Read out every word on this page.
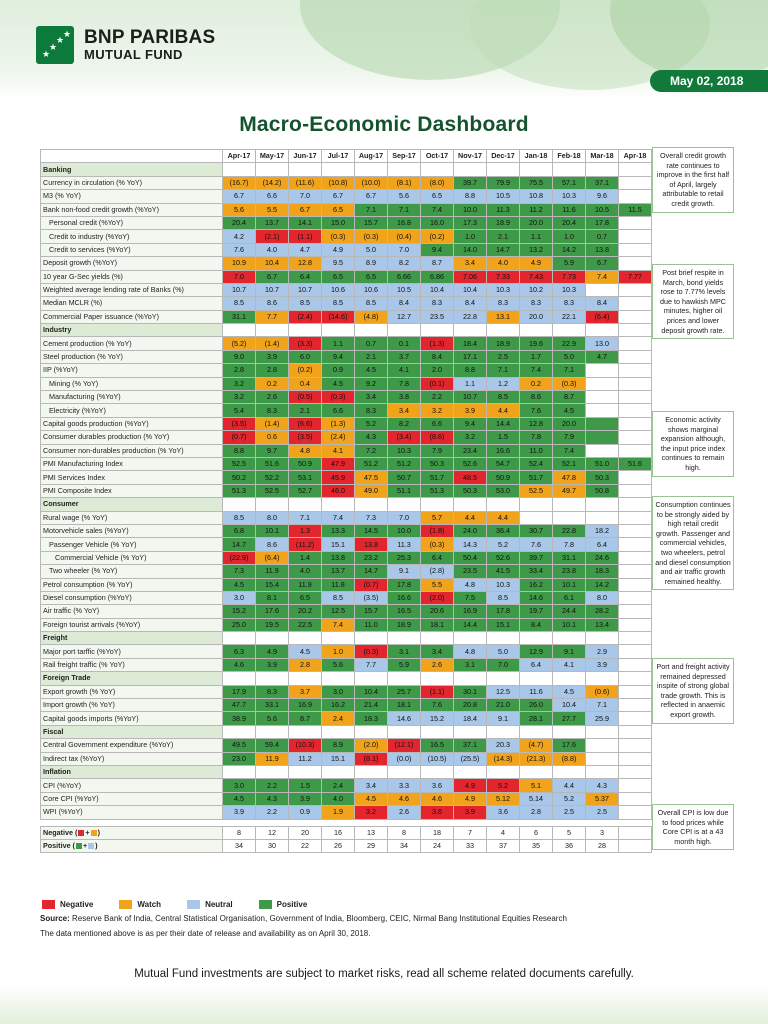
★
★
★
★ BNP PARIBAS
MUTUAL FUND
May 02, 2018
Macro-Economic Dashboard
	Apr-17	May-17	Jun-17	Jul-17	Aug-17	Sep-17	Oct-17	Nov-17	Dec-17	Jan-18	Feb-18	Mar-18	Apr-18
Banking													
Currency in circulation (% YoY)	(16.7)	(14.2)	(11.6)	(10.8)	(10.0)	(8.1)	(8.0)	39.7	79.9	75.5	57.1	37.1	
M3 (% YoY)	6.7	6.6	7.0	6.7	6.7	5.6	6.5	8.8	10.5	10.8	10.3	9.6	
Bank non-food credit growth (%YoY)	5.6	5.5	6.7	6.5	7.1	7.1	7.4	10.0	11.3	11.2	11.6	10.5	11.5
Personal credit (%YoY)	20.4	13.7	14.1	15.0	15.7	16.8	16.0	17.3	18.9	20.0	20.4	17.8	
Credit to industry (%YoY)	4.2	(2.1)	(1.1)	(0.3)	(0.3)	(0.4)	(0.2)	1.0	2.1	1.1	1.0	0.7	
Credit to services (%YoY)	7.6	4.0	4.7	4.9	5.0	7.0	9.4	14.0	14.7	13.2	14.2	13.8	
Deposit growth (%YoY)	10.9	10.4	12.8	9.5	8.9	8.2	8.7	3.4	4.0	4.9	5.9	6.7	
10 year G-Sec yields (%)	7.0	6.7	6.4	6.5	6.5	6.66	6.86	7.06	7.33	7.43	7.73	7.4	7.77
Weighted average lending rate of Banks (%)	10.7	10.7	10.7	10.6	10.6	10.5	10.4	10.4	10.3	10.2	10.3		
Median MCLR (%)	8.5	8.6	8.5	8.5	8.5	8.4	8.3	8.4	8.3	8.3	8.3	8.4	
Commercial Paper issuance (%YoY)	31.1	7.7	(2.4)	(14.6)	(4.8)	12.7	23.5	22.8	13.1	20.0	22.1	(6.4)	
Industry													
Cement production (% YoY)	(5.2)	(1.4)	(3.3)	1.1	0.7	0.1	(1.3)	18.4	18.9	19.6	22.9	13.0	
Steel production (% YoY)	9.0	3.9	6.0	9.4	2.1	3.7	8.4	17.1	2.5	1.7	5.0	4.7	
IIP (%YoY)	2.8	2.8	(0.2)	0.9	4.5	4.1	2.0	8.8	7.1	7.4	7.1		
Mining (% YoY)	3.2	0.2	0.4	4.5	9.2	7.8	(0.1)	1.1	1.2	0.2	(0.3)		
Manufacturing (%YoY)	3.2	2.6	(0.5)	(0.3)	3.4	3.8	2.2	10.7	8.5	8.6	8.7		
Electricity (%YoY)	5.4	8.3	2.1	6.6	8.3	3.4	3.2	3.9	4.4	7.6	4.5		
Capital goods production (%YoY)	(3.5)	(1.4)	(6.6)	(1.3)	5.2	8.2	6.6	9.4	14.4	12.8	20.0		
Consumer durables production (% YoY)	(0.7)	0.6	(3.5)	(2.4)	4.3	(3.4)	(8.6)	3.2	1.5	7.8	7.9		
Consumer non-durables production (% YoY)	8.8	9.7	4.8	4.1	7.2	10.3	7.9	23.4	16.6	11.0	7.4		
PMI Manufacturing Index	52.5	51.6	50.9	47.9	51.2	51.2	50.3	52.6	54.7	52.4	52.1	51.0	51.6
PMI Services Index	50.2	52.2	53.1	45.9	47.5	50.7	51.7	48.5	50.9	51.7	47.8	50.3	
PMI Composite Index	51.3	52.5	52.7	46.0	49.0	51.1	51.3	50.3	53.0	52.5	49.7	50.8	
Consumer													
Rural wage (% YoY)	8.5	8.0	7.1	7.4	7.3	7.0	5.7	4.4	4.4				
Motorvehicle sales (%YoY)	6.8	10.1	1.3	13.3	14.5	10.0	(1.8)	24.0	36.4	30.7	22.8	18.2	
Passenger Vehicle (% YoY)	14.7	8.6	(11.2)	15.1	13.8	11.3	(0.3)	14.3	5.2	7.6	7.8	6.4	
Commercial Vehicle (% YoY)	(22.9)	(6.4)	1.4	13.8	23.2	25.3	6.4	50.4	52.6	39.7	31.1	24.6	
Two wheeler (% YoY)	7.3	11.9	4.0	13.7	14.7	9.1	(2.8)	23.5	41.5	33.4	23.8	18.3	
Petrol consumption (% YoY)	4.5	15.4	11.9	11.8	(0.7)	17.8	5.5	4.8	10.3	16.2	10.1	14.2	
Diesel consumption (%YoY)	3.0	8.1	6.5	8.5	(3.5)	16.6	(2.0)	7.5	8.5	14.6	6.1	8.0	
Air traffic (% YoY)	15.2	17.6	20.2	12.5	15.7	16.5	20.6	16.9	17.8	19.7	24.4	28.2	
Foreign tourist arrivals (%YoY)	25.0	19.5	22.5	7.4	11.0	18.9	18.1	14.4	15.1	8.4	10.1	13.4	
Freight													
Major port tarffic (%YoY)	6.3	4.9	4.5	1.0	(0.3)	3.1	3.4	4.8	5.0	12.9	9.1	2.9	
Rail freight traffic (% YoY)	4.6	3.9	2.8	5.6	7.7	5.9	2.6	3.1	7.0	6.4	4.1	3.9	
Foreign Trade													
Export growth (% YoY)	17.9	8.3	3.7	3.0	10.4	25.7	(1.1)	30.1	12.5	11.6	4.5	(0.6)	
Import growth (% YoY)	47.7	33.1	16.9	16.2	21.4	18.1	7.6	20.8	21.0	26.0	10.4	7.1	
Capital goods imports (%YoY)	38.9	5.6	8.7	2.4	18.3	14.6	15.2	18.4	9.1	28.1	27.7	25.9	
Fiscal													
Central Government expenditure (%YoY)	49.5	59.4	(10.3)	8.9	(2.0)	(12.1)	16.5	37.1	20.3	(4.7)	17.6		
Indirect tax (%YoY)	23.0	11.9	11.2	15.1	(8.1)	(0.0)	(10.5)	(25.5)	(14.3)	(21.3)	(8.8)		
Inflation													
CPI (%YoY)	3.0	2.2	1.5	2.4	3.4	3.3	3.6	4.9	5.2	5.1	4.4	4.3	
Core CPI (%YoY)	4.5	4.3	3.9	4.0	4.5	4.6	4.6	4.9	5.12	5.14	5.2	5.37	
WPI (%YoY)	3.9	2.2	0.9	1.9	3.2	2.6	3.6	3.9	3.6	2.8	2.5	2.5	

Negative ( + )	8	12	20	16	13	8	18	7	4	6	5	3	
Positive ( + )	34	30	22	26	29	34	24	33	37	35	36	28	
Overall credit growth rate continues to improve in the first half of April, largely attributable to retail credit growth.
Post brief respite in March, bond yields rose to 7.77% levels due to hawkish MPC minutes, higher oil prices and lower deposit growth rate.
Economic activity shows marginal expansion although, the input price index continues to remain high.
Consumption continues to be strongly aided by high retail credit growth. Passenger and commercial vehicles, two wheelers, petrol and diesel consumption and air traffic growth remained healthy.
Port and freight activity remained depressed inspite of strong global trade growth. This is reflected in anaemic export growth.
Overall CPI is low due to food prices while Core CPI is at a 43 month high.
Negative	Watch	Neutral	Positive
Source: Reserve Bank of India, Central Statistical Organisation, Government of India, Bloomberg, CEIC, Nirmal Bang Institutional Equities Research
The data mentioned above is as per their date of release and availability as on April 30, 2018.
Mutual Fund investments are subject to market risks, read all scheme related documents carefully.
